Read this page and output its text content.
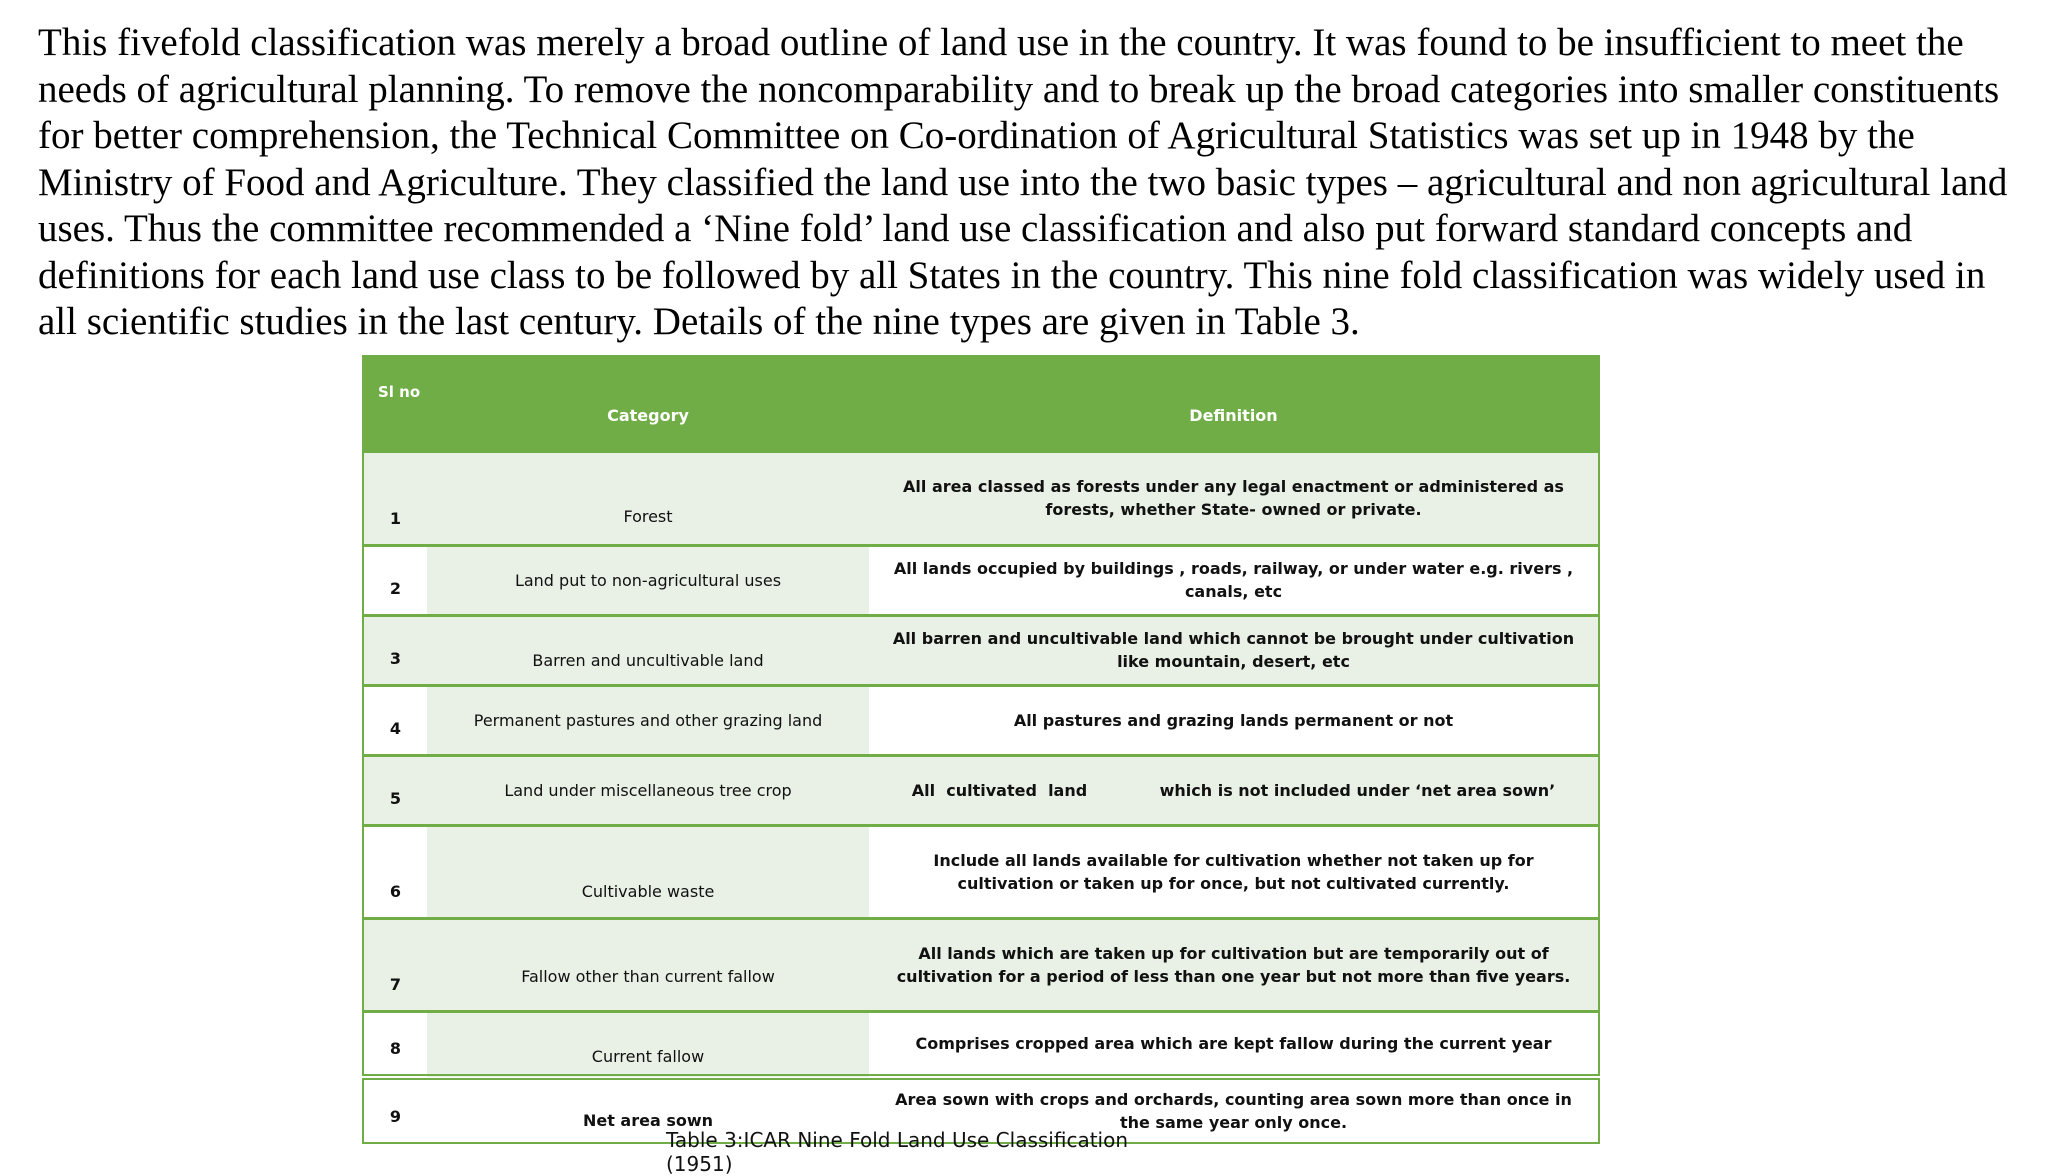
This fivefold classification was merely a broad outline of land use in the country. It was found to be insufficient to meet the needs of agricultural planning. To remove the noncomparability and to break up the broad categories into smaller constituents for better comprehension, the Technical Committee on Co-ordination of Agricultural Statistics was set up in 1948 by the Ministry of Food and Agriculture. They classified the land use into the two basic types – agricultural and non agricultural land uses. Thus the committee recommended a ‘Nine fold’ land use classification and also put forward standard concepts and definitions for each land use class to be followed by all States in the country. This nine fold classification was widely used in all scientific studies in the last century. Details of the nine types are given in Table 3.

Sl no	Category	Definition
1	Forest	All area classed as forests under any legal enactment or administered as forests, whether State- owned or private.
2	Land put to non-agricultural uses	All lands occupied by buildings , roads, railway, or under water e.g. rivers , canals, etc
3	Barren and uncultivable land	All barren and uncultivable land which cannot be brought under cultivation like mountain, desert, etc
4	Permanent pastures and other grazing land	All pastures and grazing lands permanent or not
5	Land under miscellaneous tree crop	All  cultivated  land             which is not included under ‘net area sown’
6	Cultivable waste	Include all lands available for cultivation whether not taken up for cultivation or taken up for once, but not cultivated currently.
7	Fallow other than current fallow	All lands which are taken up for cultivation but are temporarily out of cultivation for a period of less than one year but not more than five years.
8	Current fallow	Comprises cropped area which are kept fallow during the current year
9	Net area sown	Area sown with crops and orchards, counting area sown more than once in the same year only once.
Table 3:ICAR Nine Fold Land Use Classification (1951)
